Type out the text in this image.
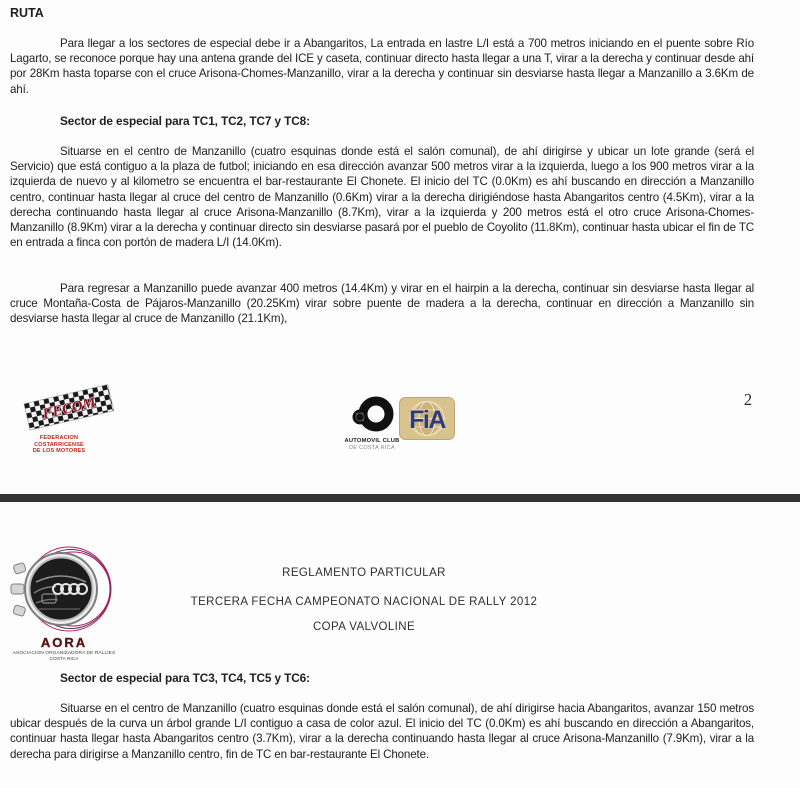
RUTA
Para llegar a los sectores de especial debe ir a Abangaritos, La entrada en lastre L/I está a 700 metros iniciando en el puente sobre Río Lagarto, se reconoce porque hay una antena grande del ICE y caseta, continuar directo hasta llegar a una T, virar a la derecha y continuar desde ahí por 28Km hasta toparse con el cruce Arisona-Chomes-Manzanillo, virar a la derecha y continuar sin desviarse hasta llegar a Manzanillo a 3.6Km de ahí.
Sector de especial para TC1, TC2, TC7 y TC8:
Situarse en el centro de Manzanillo (cuatro esquinas donde está el salón comunal), de ahí dirigirse y ubicar un lote grande (será el Servicio) que está contiguo a la plaza de futbol; iniciando en esa dirección avanzar 500 metros virar a la izquierda, luego a los 900 metros virar a la izquierda de nuevo y al kilometro se encuentra el bar-restaurante El Chonete. El inicio del TC (0.0Km) es ahí buscando en dirección a Manzanillo centro, continuar hasta llegar al cruce del centro de Manzanillo (0.6Km) virar a la derecha dirigiéndose hasta Abangaritos centro (4.5Km), virar a la derecha continuando hasta llegar al cruce Arisona-Manzanillo (8.7Km), virar a la izquierda y 200 metros está el otro cruce Arisona-Chomes-Manzanillo (8.9Km) virar a la derecha y continuar directo sin desviarse pasará por el pueblo de Coyolito (11.8Km), continuar hasta ubicar el fin de TC en entrada a finca con portón de madera L/I (14.0Km).
Para regresar a Manzanillo puede avanzar 400 metros (14.4Km) y virar en el hairpin a la derecha, continuar sin desviarse hasta llegar al cruce Montaña-Costa de Pájaros-Manzanillo (20.25Km) virar sobre puente de madera a la derecha, continuar en dirección a Manzanillo sin desviarse hasta llegar al cruce de Manzanillo (21.1Km),
FECOM
FEDERACION COSTARRICENSE
DE LOS MOTORES
AUTOMOVIL CLUB
DE COSTA RICA
FiA
2
AORA
ASOCIACION ORGANIZADORA DE RALLIES
COSTA RICA
REGLAMENTO PARTICULAR
TERCERA FECHA CAMPEONATO NACIONAL DE RALLY 2012
COPA VALVOLINE
Sector de especial para TC3, TC4, TC5 y TC6:
Situarse en el centro de Manzanillo (cuatro esquinas donde está el salón comunal), de ahí dirigirse hacia Abangaritos, avanzar 150 metros ubicar después de la curva un árbol grande L/I contiguo a casa de color azul. El inicio del TC (0.0Km) es ahí buscando en dirección a Abangaritos, continuar hasta llegar hasta Abangaritos centro (3.7Km), virar a la derecha continuando hasta llegar al cruce Arisona-Manzanillo (7.9Km), virar a la derecha para dirigirse a Manzanillo centro, fin de TC en bar-restaurante El Chonete.
